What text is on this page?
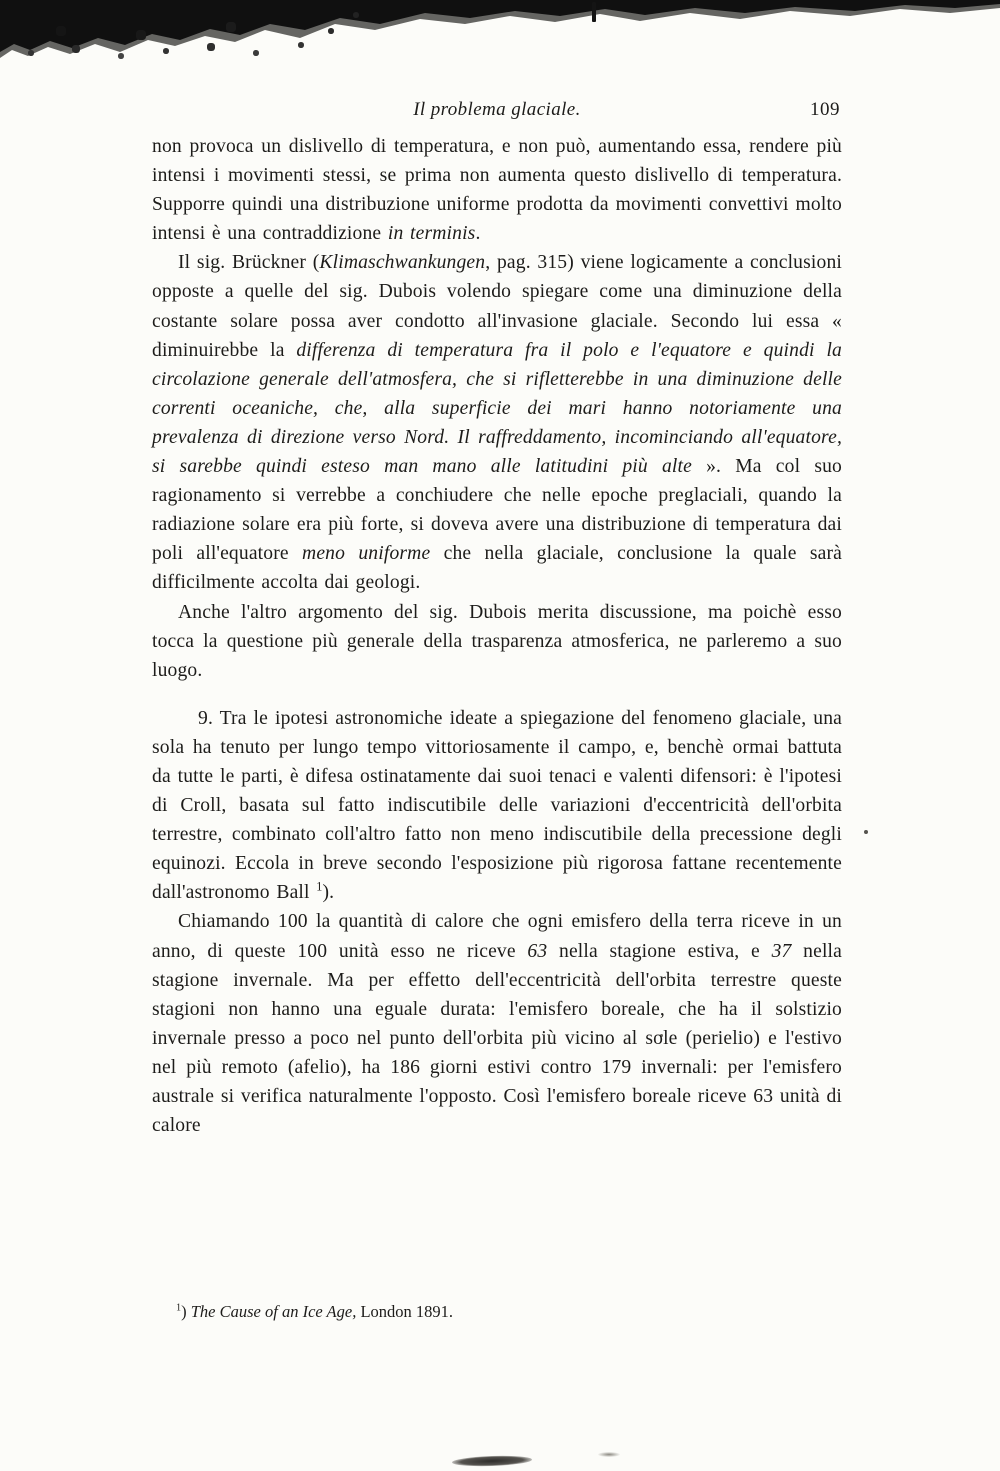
Il problema glaciale.	109

non provoca un dislivello di temperatura, e non può, aumentando essa, rendere più intensi i movimenti stessi, se prima non aumenta questo dislivello di temperatura. Supporre quindi una distribuzione uniforme prodotta da movimenti convettivi molto intensi è una contraddizione in terminis.

Il sig. Brückner (Klimaschwankungen, pag. 315) viene logicamente a conclusioni opposte a quelle del sig. Dubois volendo spiegare come una diminuzione della costante solare possa aver condotto all'invasione glaciale. Secondo lui essa « diminuirebbe la differenza di temperatura fra il polo e l'equatore e quindi la circolazione generale dell'atmosfera, che si rifletterebbe in una diminuzione delle correnti oceaniche, che, alla superficie dei mari hanno notoriamente una prevalenza di direzione verso Nord. Il raffreddamento, incominciando all'equatore, si sarebbe quindi esteso man mano alle latitudini più alte ». Ma col suo ragionamento si verrebbe a conchiudere che nelle epoche preglaciali, quando la radiazione solare era più forte, si doveva avere una distribuzione di temperatura dai poli all'equatore meno uniforme che nella glaciale, conclusione la quale sarà difficilmente accolta dai geologi.

Anche l'altro argomento del sig. Dubois merita discussione, ma poichè esso tocca la questione più generale della trasparenza atmosferica, ne parleremo a suo luogo.

9. Tra le ipotesi astronomiche ideate a spiegazione del fenomeno glaciale, una sola ha tenuto per lungo tempo vittoriosamente il campo, e, benchè ormai battuta da tutte le parti, è difesa ostinatamente dai suoi tenaci e valenti difensori: è l'ipotesi di Croll, basata sul fatto indiscutibile delle variazioni d'eccentricità dell'orbita terrestre, combinato coll'altro fatto non meno indiscutibile della precessione degli equinozi. Eccola in breve secondo l'esposizione più rigorosa fattane recentemente dall'astronomo Ball $^1$).

Chiamando 100 la quantità di calore che ogni emisfero della terra riceve in un anno, di queste 100 unità esso ne riceve 63 nella stagione estiva, e 37 nella stagione invernale. Ma per effetto dell'eccentricità dell'orbita terrestre queste stagioni non hanno una eguale durata: l'emisfero boreale, che ha il solstizio invernale presso a poco nel punto dell'orbita più vicino al sole (perielio) e l'estivo nel più remoto (afelio), ha 186 giorni estivi contro 179 invernali: per l'emisfero australe si verifica naturalmente l'opposto. Così l'emisfero boreale riceve 63 unità di calore

$^1$) The Cause of an Ice Age, London 1891.
